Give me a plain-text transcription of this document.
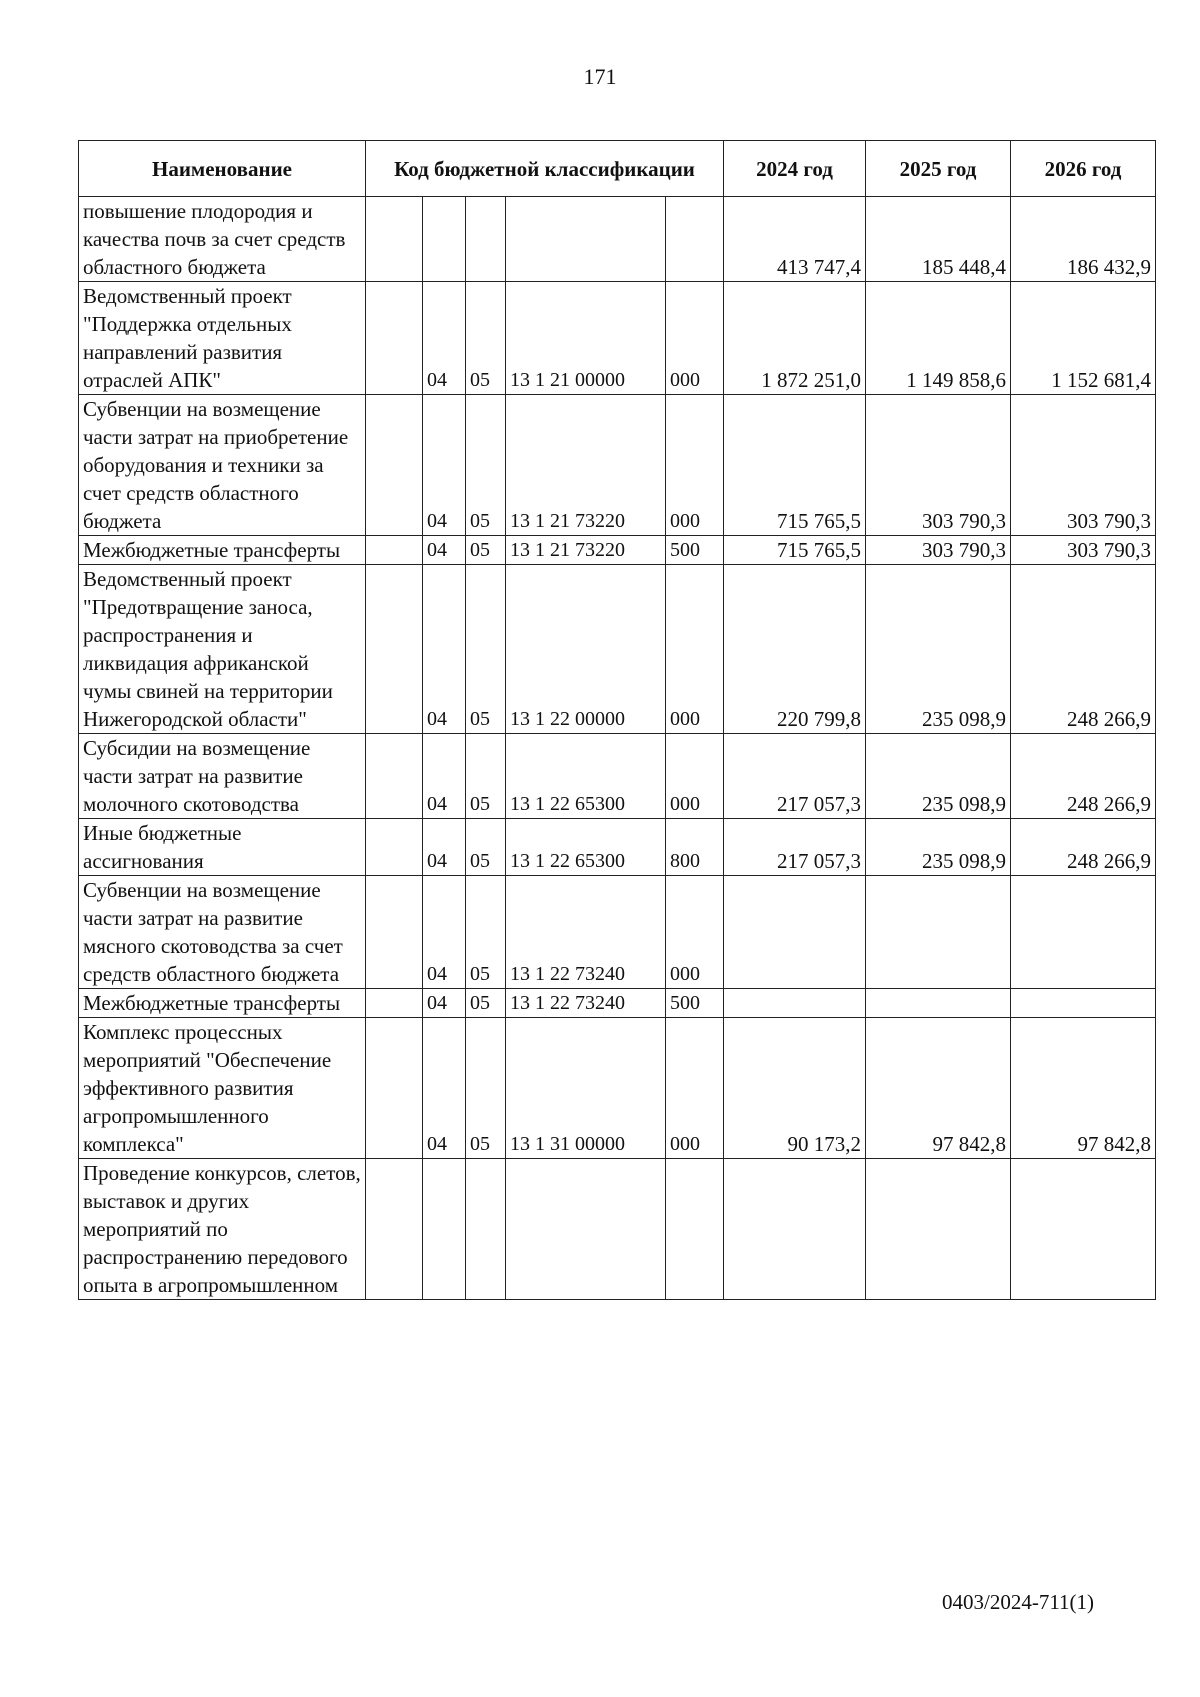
171
Наименование	Код бюджетной классификации					2024 год	2025 год	2026 год
повышение плодородия и качества почв за счет средств областного бюджета						413 747,4	185 448,4	186 432,9
Ведомственный проект "Поддержка отдельных направлений развития отраслей АПК"		04	05	13 1 21 00000	000	1 872 251,0	1 149 858,6	1 152 681,4
Субвенции на возмещение части затрат на приобретение оборудования и техники за счет средств областного бюджета		04	05	13 1 21 73220	000	715 765,5	303 790,3	303 790,3
Межбюджетные трансферты		04	05	13 1 21 73220	500	715 765,5	303 790,3	303 790,3
Ведомственный проект "Предотвращение заноса, распространения и ликвидация африканской чумы свиней на территории Нижегородской области"		04	05	13 1 22 00000	000	220 799,8	235 098,9	248 266,9
Субсидии на возмещение части затрат на развитие молочного скотоводства		04	05	13 1 22 65300	000	217 057,3	235 098,9	248 266,9
Иные бюджетные ассигнования		04	05	13 1 22 65300	800	217 057,3	235 098,9	248 266,9
Субвенции на возмещение части затрат на развитие мясного скотоводства за счет средств областного бюджета		04	05	13 1 22 73240	000			
Межбюджетные трансферты		04	05	13 1 22 73240	500			
Комплекс процессных мероприятий "Обеспечение эффективного развития агропромышленного комплекса"		04	05	13 1 31 00000	000	90 173,2	97 842,8	97 842,8
Проведение конкурсов, слетов, выставок и других мероприятий по распространению передового опыта в агропромышленном								
0403/2024-711(1)
